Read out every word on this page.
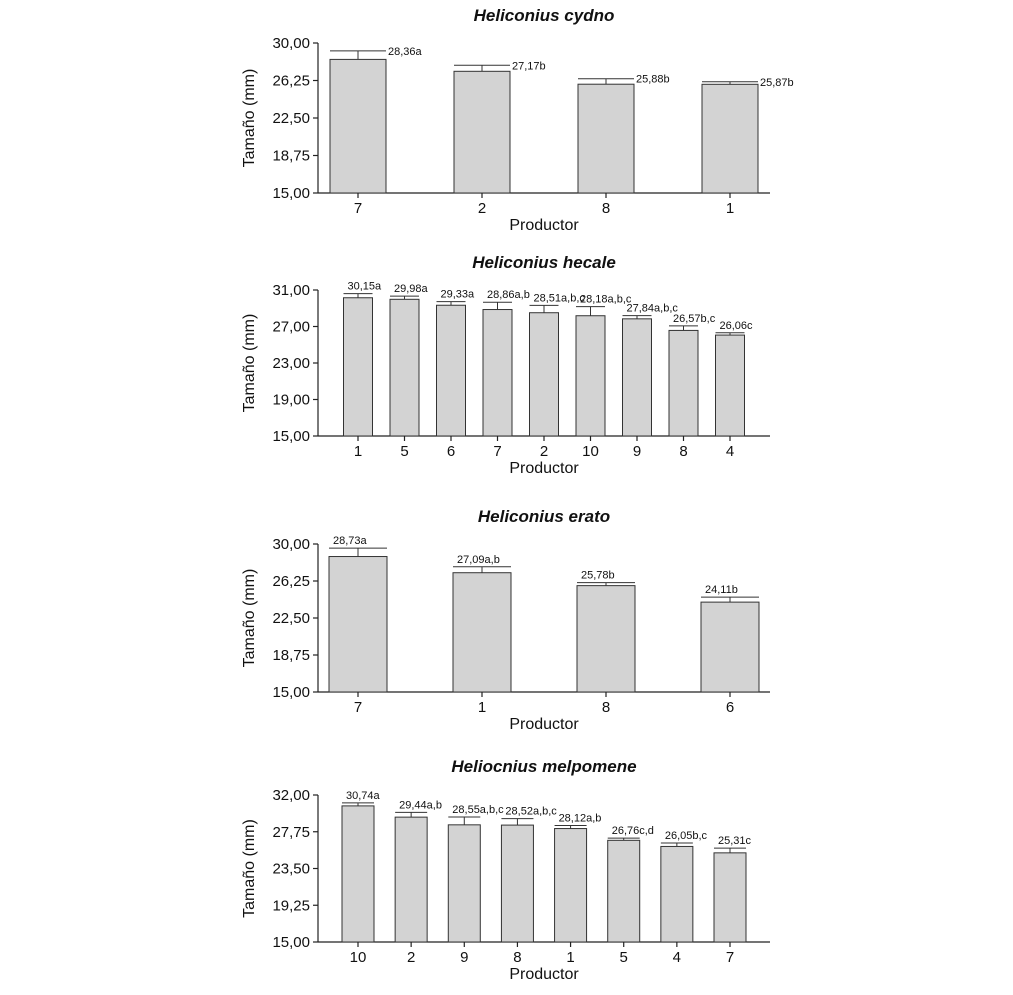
Heliconius cydno
15,00
18,75
22,50
26,25
30,00
Tamaño (mm)
Productor
7
28,36a
2
27,17b
8
25,88b
1
25,87b
Heliconius hecale
15,00
19,00
23,00
27,00
31,00
Tamaño (mm)
Productor
1
30,15a
5
29,98a
6
29,33a
7
28,86a,b
2
28,51a,b,c
10
28,18a,b,c
9
27,84a,b,c
8
26,57b,c
4
26,06c
Heliconius erato
15,00
18,75
22,50
26,25
30,00
Tamaño (mm)
Productor
7
28,73a
1
27,09a,b
8
25,78b
6
24,11b
Heliocnius melpomene
15,00
19,25
23,50
27,75
32,00
Tamaño (mm)
Productor
10
30,74a
2
29,44a,b
9
28,55a,b,c
8
28,52a,b,c
1
28,12a,b
5
26,76c,d
4
26,05b,c
7
25,31c
